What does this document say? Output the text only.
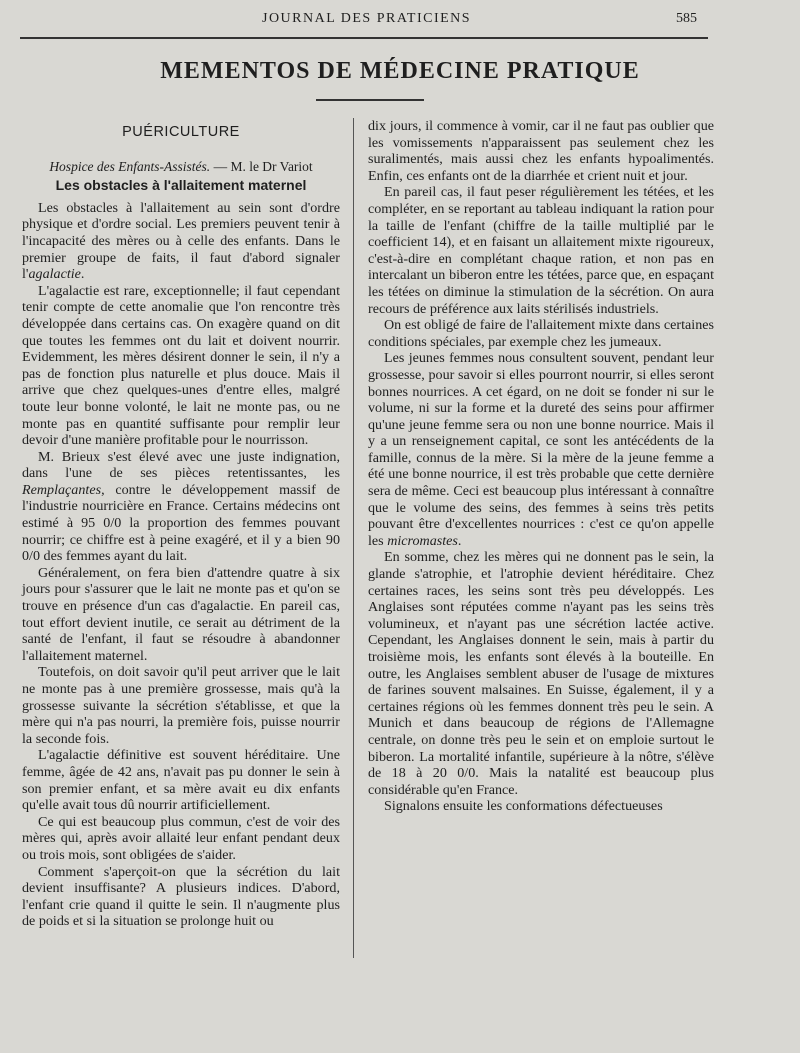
JOURNAL DES PRATICIENS	585
MEMENTOS DE MÉDECINE PRATIQUE
PUÉRICULTURE
Hospice des Enfants-Assistés. — M. le Dr Variot
Les obstacles à l'allaitement maternel

Les obstacles à l'allaitement au sein sont d'ordre physique et d'ordre social. Les premiers peuvent tenir à l'incapacité des mères ou à celle des enfants. Dans le premier groupe de faits, il faut d'abord signaler l'agalactie.

L'agalactie est rare, exceptionnelle; il faut cependant tenir compte de cette anomalie que l'on rencontre très développée dans certains cas. On exagère quand on dit que toutes les femmes ont du lait et doivent nourrir. Evidemment, les mères désirent donner le sein, il n'y a pas de fonction plus naturelle et plus douce. Mais il arrive que chez quelques-unes d'entre elles, malgré toute leur bonne volonté, le lait ne monte pas, ou ne monte pas en quantité suffisante pour remplir leur devoir d'une manière profitable pour le nourrisson.

M. Brieux s'est élevé avec une juste indignation, dans l'une de ses pièces retentissantes, les Remplaçantes, contre le développement massif de l'industrie nourricière en France. Certains médecins ont estimé à 95 0/0 la proportion des femmes pouvant nourrir; ce chiffre est à peine exagéré, et il y a bien 90 0/0 des femmes ayant du lait.

Généralement, on fera bien d'attendre quatre à six jours pour s'assurer que le lait ne monte pas et qu'on se trouve en présence d'un cas d'agalactie. En pareil cas, tout effort devient inutile, ce serait au détriment de la santé de l'enfant, il faut se résoudre à abandonner l'allaitement maternel.

Toutefois, on doit savoir qu'il peut arriver que le lait ne monte pas à une première grossesse, mais qu'à la grossesse suivante la sécrétion s'établisse, et que la mère qui n'a pas nourri, la première fois, puisse nourrir la seconde fois.

L'agalactie définitive est souvent héréditaire. Une femme, âgée de 42 ans, n'avait pas pu donner le sein à son premier enfant, et sa mère avait eu dix enfants qu'elle avait tous dû nourrir artificiellement.

Ce qui est beaucoup plus commun, c'est de voir des mères qui, après avoir allaité leur enfant pendant deux ou trois mois, sont obligées de s'aider.

Comment s'aperçoit-on que la sécrétion du lait devient insuffisante? A plusieurs indices. D'abord, l'enfant crie quand il quitte le sein. Il n'augmente plus de poids et si la situation se prolonge huit ou

dix jours, il commence à vomir, car il ne faut pas oublier que les vomissements n'apparaissent pas seulement chez les suralimentés, mais aussi chez les enfants hypoalimentés. Enfin, ces enfants ont de la diarrhée et crient nuit et jour.

En pareil cas, il faut peser régulièrement les tétées, et les compléter, en se reportant au tableau indiquant la ration pour la taille de l'enfant (chiffre de la taille multiplié par le coefficient 14), et en faisant un allaitement mixte rigoureux, c'est-à-dire en complétant chaque ration, et non pas en intercalant un biberon entre les tétées, parce que, en espaçant les tétées on diminue la stimulation de la sécrétion. On aura recours de préférence aux laits stérilisés industriels.

On est obligé de faire de l'allaitement mixte dans certaines conditions spéciales, par exemple chez les jumeaux.

Les jeunes femmes nous consultent souvent, pendant leur grossesse, pour savoir si elles pourront nourrir, si elles seront bonnes nourrices. A cet égard, on ne doit se fonder ni sur le volume, ni sur la forme et la dureté des seins pour affirmer qu'une jeune femme sera ou non une bonne nourrice. Mais il y a un renseignement capital, ce sont les antécédents de la famille, connus de la mère. Si la mère de la jeune femme a été une bonne nourrice, il est très probable que cette dernière sera de même. Ceci est beaucoup plus intéressant à connaître que le volume des seins, des femmes à seins très petits pouvant être d'excellentes nourrices : c'est ce qu'on appelle les micromastes.

En somme, chez les mères qui ne donnent pas le sein, la glande s'atrophie, et l'atrophie devient héréditaire. Chez certaines races, les seins sont très peu développés. Les Anglaises sont réputées comme n'ayant pas les seins très volumineux, et n'ayant pas une sécrétion lactée active. Cependant, les Anglaises donnent le sein, mais à partir du troisième mois, les enfants sont élevés à la bouteille. En outre, les Anglaises semblent abuser de l'usage de mixtures de farines souvent malsaines. En Suisse, également, il y a certaines régions où les femmes donnent très peu le sein. A Munich et dans beaucoup de régions de l'Allemagne centrale, on donne très peu le sein et on emploie surtout le biberon. La mortalité infantile, supérieure à la nôtre, s'élève de 18 à 20 0/0. Mais la natalité est beaucoup plus considérable qu'en France.

Signalons ensuite les conformations défectueuses
